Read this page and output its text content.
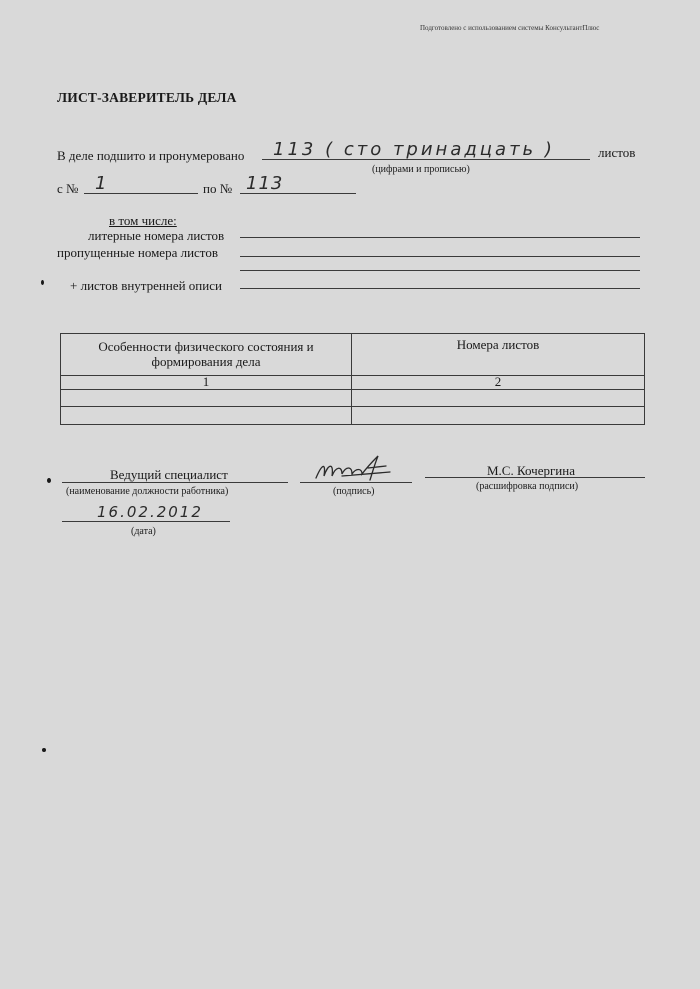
Подготовлено с использованием системы КонсультантПлюс
ЛИСТ-ЗАВЕРИТЕЛЬ ДЕЛА
В деле подшито и пронумеровано 113 ( сто тринадцать )	листов
(цифрами и прописью)
с № 1	по № 113
в том числе:
литерные номера листов
пропущенные номера листов
+ листов внутренней описи
Особенности физического состояния и формирования дела	Номера листов
1	2

Ведущий специалист
(наименование должности работника)	(подпись)
М.С. Кочергина
(расшифровка подписи)
16.02.2012
(дата)
